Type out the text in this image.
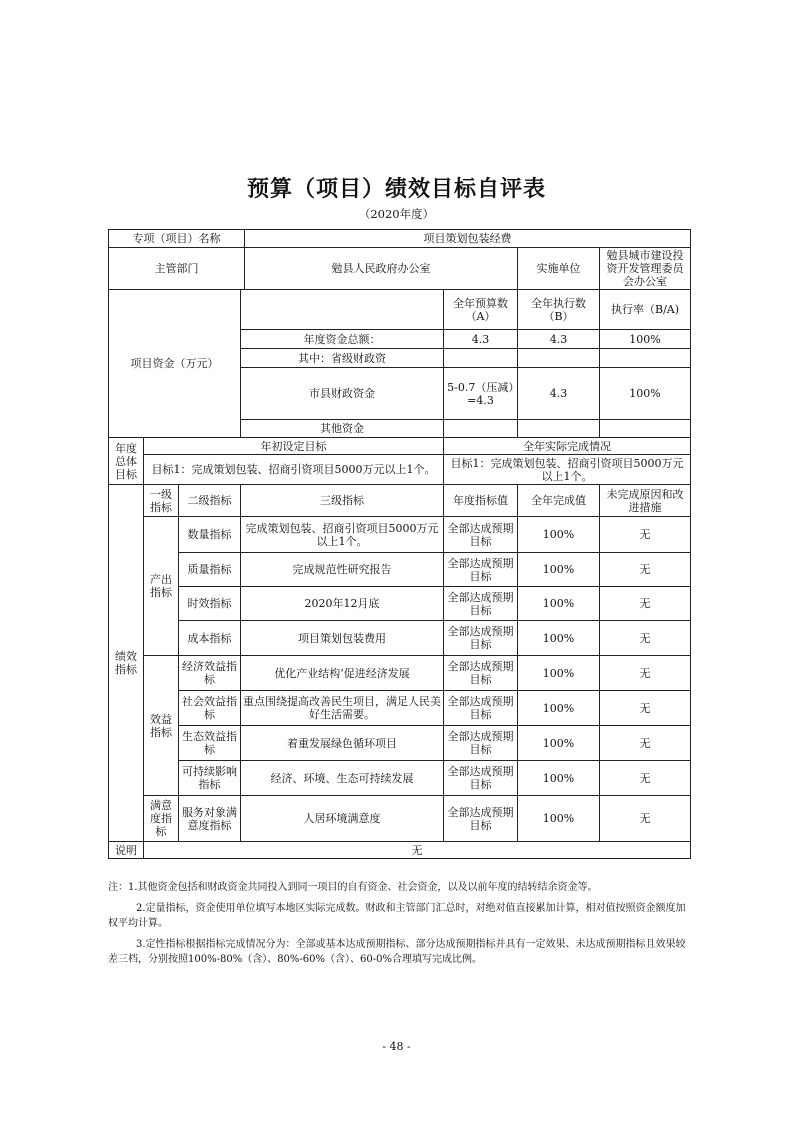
预算（项目）绩效目标自评表
（2020年度）
专项（项目）名称				项目策划包装经费			
主管部门				勉县人民政府办公室		实施单位	勉县城市建设投资开发管理委员会办公室
项目资金（万元）					全年预算数（A）	全年执行数（B）	执行率（B/A)
			年度资金总额：		4.3	4.3	100%
			其中：省级财政资				
			市县财政资金		5-0.7（压减）=4.3	4.3	100%
			其他资金				
年度总体目标	年初设定目标				全年实际完成情况		
	目标1：完成策划包装、招商引资项目5000万元以上1个。				目标1：完成策划包装、招商引资项目5000万元以上1个。		
绩效指标	一级指标	二级指标	三级指标		年度指标值	全年完成值	未完成原因和改进措施
	产出指标	数量指标	完成策划包装、招商引资项目5000万元以上1个。		全部达成预期目标	100%	无
		质量指标	完成规范性研究报告		全部达成预期目标	100%	无
		时效指标	2020年12月底		全部达成预期目标	100%	无
		成本指标	项目策划包装费用		全部达成预期目标	100%	无
	效益指标	经济效益指标	优化产业结构‘促进经济发展		全部达成预期目标	100%	无
		社会效益指标	重点围绕提高改善民生项目，满足人民美好生活需要。		全部达成预期目标	100%	无
		生态效益指标	着重发展绿色循环项目		全部达成预期目标	100%	无
		可持续影响指标	经济、环境、生态可持续发展		全部达成预期目标	100%	无
	满意度指标	服务对象满意度指标	人居环境满意度		全部达成预期目标	100%	无
说明	无						

注：1.其他资金包括和财政资金共同投入到同一项目的自有资金、社会资金，以及以前年度的结转结余资金等。

2.定量指标，资金使用单位填写本地区实际完成数。财政和主管部门汇总时，对绝对值直接累加计算，相对值按照资金额度加权平均计算。

3.定性指标根据指标完成情况分为：全部或基本达成预期指标、部分达成预期指标并具有一定效果、未达成预期指标且效果较差三档，分别按照100%-80%（含）、80%-60%（含）、60-0%合理填写完成比例。

- 48 -
